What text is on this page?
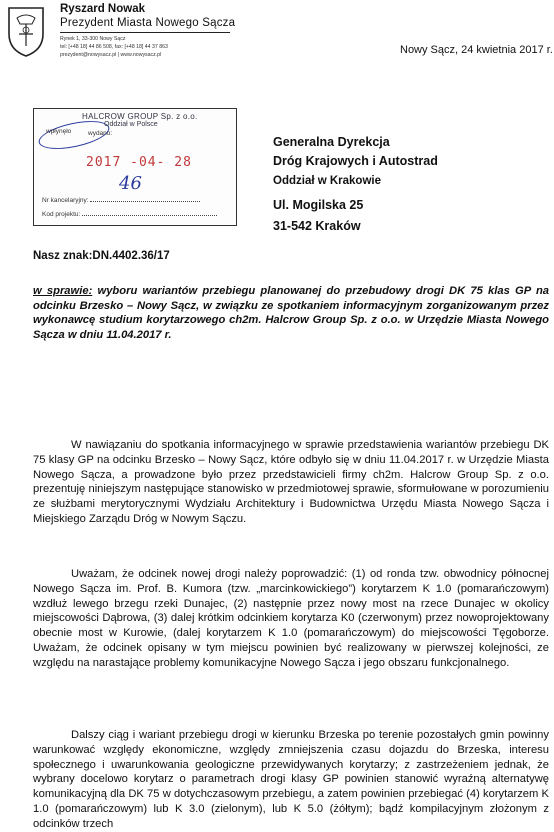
Ryszard Nowak
Prezydent Miasta Nowego Sącza
Rynek 1, 33-300 Nowy Sącz
tel: [+48 18] 44 86 508, fax: [+48 18] 44 37 863
prezydent@nowysacz.pl | www.nowysacz.pl	Nowy Sącz, 24 kwietnia 2017 r.
HALCROW GROUP Sp. z o.o.
Oddział w Polsce
wpłynęło	wydano:
2017 -04- 28
46
Nr kancelaryjny:
Kod projektu:
Generalna Dyrekcja
Dróg Krajowych i Autostrad
Oddział w Krakowie
Ul. Mogilska 25
31-542 Kraków
Nasz znak:DN.4402.36/17
w sprawie: wyboru wariantów przebiegu planowanej do przebudowy drogi DK 75 klas GP na odcinku Brzesko – Nowy Sącz, w związku ze spotkaniem informacyjnym zorganizowanym przez wykonawcę studium korytarzowego ch2m. Halcrow Group Sp. z o.o. w Urzędzie Miasta Nowego Sącza w dniu 11.04.2017 r.
W nawiązaniu do spotkania informacyjnego w sprawie przedstawienia wariantów przebiegu DK 75 klasy GP na odcinku Brzesko – Nowy Sącz, które odbyło się w dniu 11.04.2017 r. w Urzędzie Miasta Nowego Sącza, a prowadzone było przez przedstawicieli firmy ch2m. Halcrow Group Sp. z o.o. prezentuję niniejszym następujące stanowisko w przedmiotowej sprawie, sformułowane w porozumieniu ze służbami merytorycznymi Wydziału Architektury i Budownictwa Urzędu Miasta Nowego Sącza i Miejskiego Zarządu Dróg w Nowym Sączu.
Uważam, że odcinek nowej drogi należy poprowadzić: (1) od ronda tzw. obwodnicy północnej Nowego Sącza im. Prof. B. Kumora (tzw. „marcinkowickiego”) korytarzem K 1.0 (pomarańczowym) wzdłuż lewego brzegu rzeki Dunajec, (2) następnie przez nowy most na rzece Dunajec w okolicy miejscowości Dąbrowa, (3) dalej krótkim odcinkiem korytarza K0 (czerwonym) przez nowoprojektowany obecnie most w Kurowie, (dalej korytarzem K 1.0 (pomarańczowym) do miejscowości Tęgoborze. Uważam, że odcinek opisany w tym miejscu powinien być realizowany w pierwszej kolejności, ze względu na narastające problemy komunikacyjne Nowego Sącza i jego obszaru funkcjonalnego.
Dalszy ciąg i wariant przebiegu drogi w kierunku Brzeska po terenie pozostałych gmin powinny warunkować względy ekonomiczne, względy zmniejszenia czasu dojazdu do Brzeska, interesu społecznego i uwarunkowania geologiczne przewidywanych korytarzy; z zastrzeżeniem jednak, że wybrany docelowo korytarz o parametrach drogi klasy GP powinien stanowić wyraźną alternatywę komunikacyjną dla DK 75 w dotychczasowym przebiegu, a zatem powinien przebiegać (4) korytarzem K 1.0 (pomarańczowym) lub K 3.0 (zielonym), lub K 5.0 (żółtym); bądź kompilacyjnym złożonym z odcinków trzech
